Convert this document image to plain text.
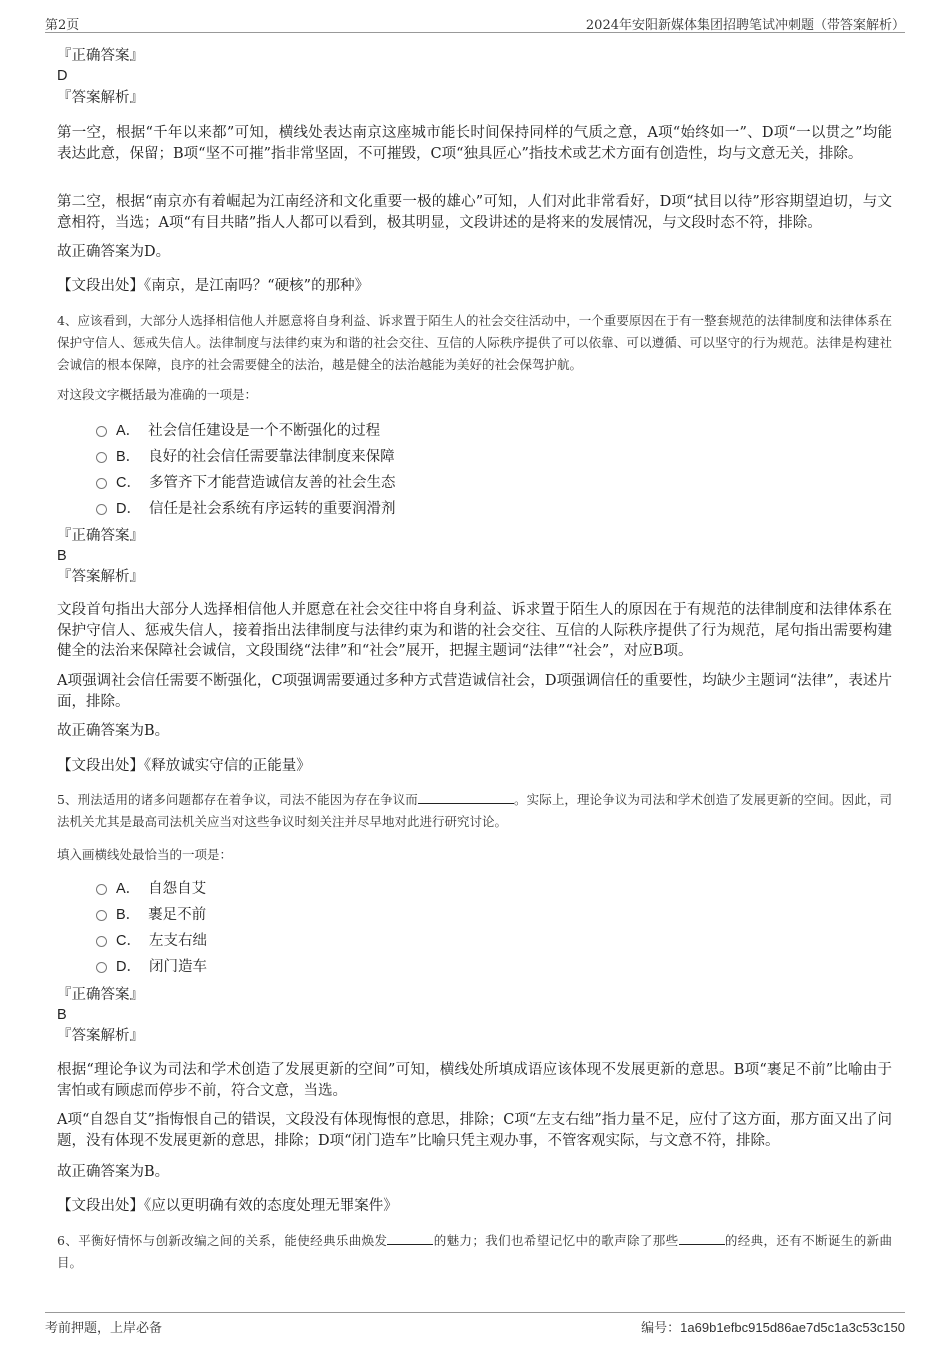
第2页	2024年安阳新媒体集团招聘笔试冲刺题（带答案解析）
『正确答案』
D
『答案解析』
第一空，根据“千年以来都”可知，横线处表达南京这座城市能长时间保持同样的气质之意，A项“始终如一”、D项“一以贯之”均能表达此意，保留；B项“坚不可摧”指非常坚固，不可摧毁，C项“独具匠心”指技术或艺术方面有创造性，均与文意无关，排除。
第二空，根据“南京亦有着崛起为江南经济和文化重要一极的雄心”可知，人们对此非常看好，D项“拭目以待”形容期望迫切，与文意相符，当选；A项“有目共睹”指人人都可以看到，极其明显，文段讲述的是将来的发展情况，与文段时态不符，排除。
故正确答案为D。
【文段出处】《南京，是江南吗？“硬核”的那种》
4、应该看到，大部分人选择相信他人并愿意将自身利益、诉求置于陌生人的社会交往活动中，一个重要原因在于有一整套规范的法律制度和法律体系在保护守信人、惩戒失信人。法律制度与法律约束为和谐的社会交往、互信的人际秩序提供了可以依靠、可以遵循、可以坚守的行为规范。法律是构建社会诚信的根本保障，良序的社会需要健全的法治，越是健全的法治越能为美好的社会保驾护航。
对这段文字概括最为准确的一项是：
A． 社会信任建设是一个不断强化的过程
B． 良好的社会信任需要靠法律制度来保障
C． 多管齐下才能营造诚信友善的社会生态
D． 信任是社会系统有序运转的重要润滑剂
『正确答案』
B
『答案解析』
文段首句指出大部分人选择相信他人并愿意在社会交往中将自身利益、诉求置于陌生人的原因在于有规范的法律制度和法律体系在保护守信人、惩戒失信人，接着指出法律制度与法律约束为和谐的社会交往、互信的人际秩序提供了行为规范，尾句指出需要构建健全的法治来保障社会诚信，文段围绕“法律”和“社会”展开，把握主题词“法律”“社会”，对应B项。
A项强调社会信任需要不断强化，C项强调需要通过多种方式营造诚信社会，D项强调信任的重要性，均缺少主题词“法律”，表述片面，排除。
故正确答案为B。
【文段出处】《释放诚实守信的正能量》
5、刑法适用的诸多问题都存在着争议，司法不能因为存在争议而	。实际上，理论争议为司法和学术创造了发展更新的空间。因此，司法机关尤其是最高司法机关应当对这些争议时刻关注并尽早地对此进行研究讨论。
填入画横线处最恰当的一项是：
A． 自怨自艾
B． 裹足不前
C． 左支右绌
D． 闭门造车
『正确答案』
B
『答案解析』
根据“理论争议为司法和学术创造了发展更新的空间”可知，横线处所填成语应该体现不发展更新的意思。B项“裹足不前”比喻由于害怕或有顾虑而停步不前，符合文意，当选。
A项“自怨自艾”指悔恨自己的错误，文段没有体现悔恨的意思，排除；C项“左支右绌”指力量不足，应付了这方面，那方面又出了问题，没有体现不发展更新的意思，排除；D项“闭门造车”比喻只凭主观办事，不管客观实际，与文意不符，排除。
故正确答案为B。
【文段出处】《应以更明确有效的态度处理无罪案件》
6、平衡好情怀与创新改编之间的关系，能使经典乐曲焕发	的魅力；我们也希望记忆中的歌声除了那些	的经典，还有不断诞生的新曲目。
考前押题，上岸必备	编号：1a69b1efbc915d86ae7d5c1a3c53c150
